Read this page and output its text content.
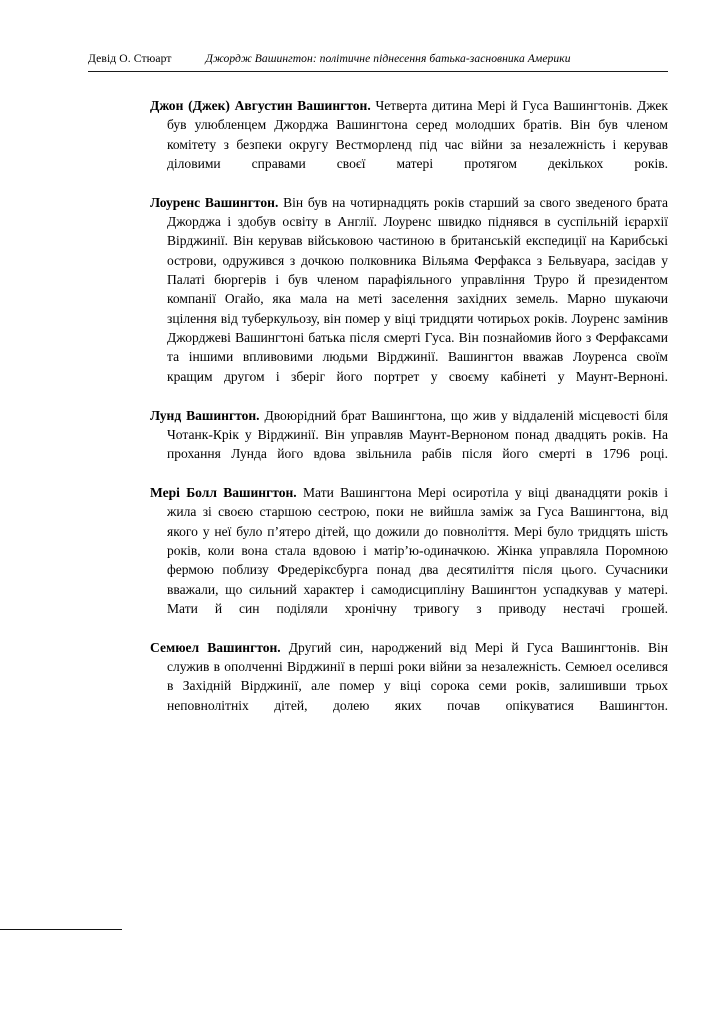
Девід О. Стюарт	Джордж Вашингтон: політичне піднесення батька-засновника Америки

Джон (Джек) Августин Вашингтон. Четверта дитина Мері й Гуса Вашингтонів. Джек був улюбленцем Джорджа Вашингтона серед молодших братів. Він був членом комітету з безпеки округу Вестморленд під час війни за незалежність і керував діловими справами своєї матері протягом декількох років.

Лоуренс Вашингтон. Він був на чотирнадцять років старший за свого зведеного брата Джорджа і здобув освіту в Англії. Лоуренс швидко піднявся в суспільній ієрархії Вірджинії. Він керував військовою частиною в британській експедиції на Карибські острови, одружився з дочкою полковника Вільяма Ферфакса з Бельвуара, засідав у Палаті бюргерів і був членом парафіяльного управління Труро й президентом компанії Огайо, яка мала на меті заселення західних земель. Марно шукаючи зцілення від туберкульозу, він помер у віці тридцяти чотирьох років. Лоуренс замінив Джорджеві Вашингтоні батька після смерті Гуса. Він познайомив його з Ферфаксами та іншими впливовими людьми Вірджинії. Вашингтон вважав Лоуренса своїм кращим другом і зберіг його портрет у своєму кабінеті у Маунт-Верноні.

Лунд Вашингтон. Двоюрідний брат Вашингтона, що жив у віддаленій місцевості біля Чотанк-Крік у Вірджинії. Він управляв Маунт-Верноном понад двадцять років. На прохання Лунда його вдова звільнила рабів після його смерті в 1796 році.

Мері Болл Вашингтон. Мати Вашингтона Мері осиротіла у віці дванадцяти років і жила зі своєю старшою сестрою, поки не вийшла заміж за Гуса Вашингтона, від якого у неї було п’ятеро дітей, що дожили до повноліття. Мері було тридцять шість років, коли вона стала вдовою і матір’ю-одиначкою. Жінка управляла Поромною фермою поблизу Фредеріксбурга понад два десятиліття після цього. Сучасники вважали, що сильний характер і самодисципліну Вашингтон успадкував у матері. Мати й син поділяли хронічну тривогу з приводу нестачі грошей.

Семюел Вашингтон. Другий син, народжений від Мері й Гуса Вашингтонів. Він служив в ополченні Вірджинії в перші роки війни за незалежність. Семюел оселився в Західній Вірджинії, але помер у віці сорока семи років, залишивши трьох неповнолітніх дітей, долею яких почав опікуватися Вашингтон.
